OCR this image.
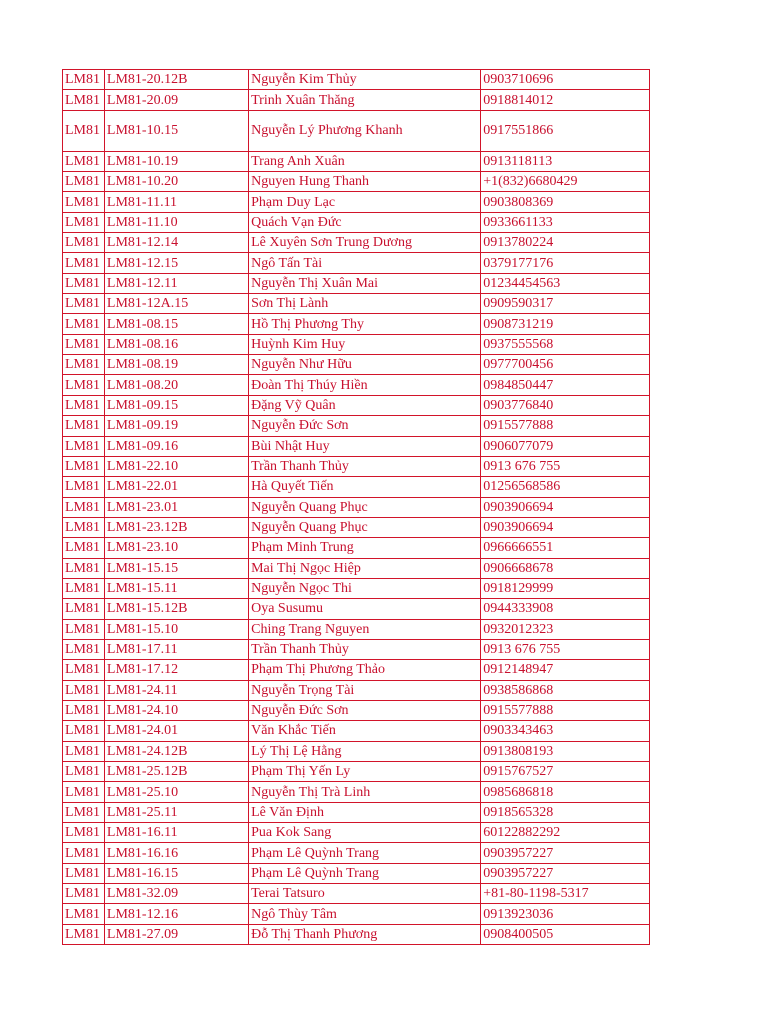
LM81	LM81-20.12B	Nguyễn Kim Thủy	0903710696
LM81	LM81-20.09	Trinh Xuân Thăng	0918814012
LM81	LM81-10.15	Nguyễn Lý Phương Khanh	0917551866
LM81	LM81-10.19	Trang Anh Xuân	0913118113
LM81	LM81-10.20	Nguyen Hung Thanh	+1(832)6680429
LM81	LM81-11.11	Phạm Duy Lạc	0903808369
LM81	LM81-11.10	Quách Vạn Đức	0933661133
LM81	LM81-12.14	Lê Xuyên Sơn Trung Dương	0913780224
LM81	LM81-12.15	Ngô Tấn Tài	0379177176
LM81	LM81-12.11	Nguyễn Thị Xuân Mai	01234454563
LM81	LM81-12A.15	Sơn Thị Lành	0909590317
LM81	LM81-08.15	Hồ Thị Phương Thy	0908731219
LM81	LM81-08.16	Huỳnh Kim Huy	0937555568
LM81	LM81-08.19	Nguyễn Như Hữu	0977700456
LM81	LM81-08.20	Đoàn Thị Thúy Hiền	0984850447
LM81	LM81-09.15	Đặng Vỹ Quân	0903776840
LM81	LM81-09.19	Nguyễn Đức Sơn	0915577888
LM81	LM81-09.16	Bùi Nhật Huy	0906077079
LM81	LM81-22.10	Trần Thanh Thủy	0913 676 755
LM81	LM81-22.01	Hà Quyết Tiến	01256568586
LM81	LM81-23.01	Nguyễn Quang Phục	0903906694
LM81	LM81-23.12B	Nguyễn Quang Phục	0903906694
LM81	LM81-23.10	Phạm Minh Trung	0966666551
LM81	LM81-15.15	Mai Thị Ngọc Hiệp	0906668678
LM81	LM81-15.11	Nguyễn Ngọc Thi	0918129999
LM81	LM81-15.12B	Oya Susumu	0944333908
LM81	LM81-15.10	Ching Trang Nguyen	0932012323
LM81	LM81-17.11	Trần Thanh Thủy	0913 676 755
LM81	LM81-17.12	Phạm Thị Phương Thảo	0912148947
LM81	LM81-24.11	Nguyễn Trọng Tài	0938586868
LM81	LM81-24.10	Nguyễn Đức Sơn	0915577888
LM81	LM81-24.01	Văn Khắc Tiến	0903343463
LM81	LM81-24.12B	Lý Thị Lệ Hằng	0913808193
LM81	LM81-25.12B	Phạm Thị Yến Ly	0915767527
LM81	LM81-25.10	Nguyễn Thị Trà Linh	0985686818
LM81	LM81-25.11	Lê Văn Định	0918565328
LM81	LM81-16.11	Pua Kok Sang	60122882292
LM81	LM81-16.16	Phạm Lê Quỳnh Trang	0903957227
LM81	LM81-16.15	Phạm Lê Quỳnh Trang	0903957227
LM81	LM81-32.09	Terai Tatsuro	+81-80-1198-5317
LM81	LM81-12.16	Ngô Thùy Tâm	0913923036
LM81	LM81-27.09	Đỗ Thị Thanh Phương	0908400505
